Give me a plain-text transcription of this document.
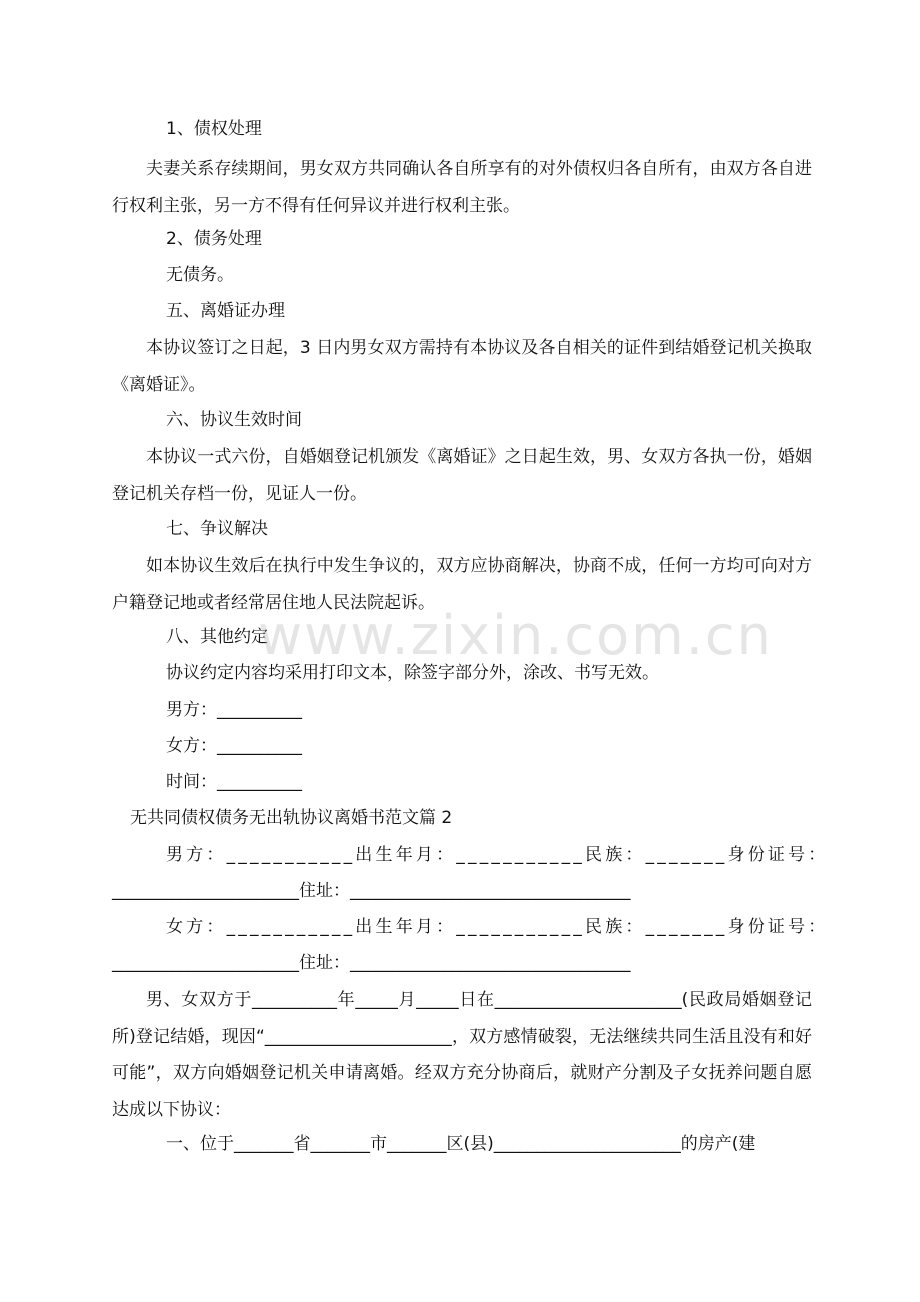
1、债权处理
夫妻关系存续期间，男女双方共同确认各自所享有的对外债权归各自所有，由双方各自进行权利主张，另一方不得有任何异议并进行权利主张。
2、债务处理
无债务。
五、离婚证办理
本协议签订之日起，3 日内男女双方需持有本协议及各自相关的证件到结婚登记机关换取《离婚证》。
六、协议生效时间
本协议一式六份，自婚姻登记机颁发《离婚证》之日起生效，男、女双方各执一份，婚姻登记机关存档一份，见证人一份。
七、争议解决
如本协议生效后在执行中发生争议的，双方应协商解决，协商不成，任何一方均可向对方户籍登记地或者经常居住地人民法院起诉。
八、其他约定
协议约定内容均采用打印文本，除签字部分外，涂改、书写无效。
男方：__________
女方：__________
时间：__________
无共同债权债务无出轨协议离婚书范文篇 2
男方：___________出生年月：___________民族：_______身份证号：
______________________住址：_________________________________
女方：___________出生年月：___________民族：_______身份证号：
______________________住址：_________________________________
男、女双方于__________年_____月_____日在______________________(民政局婚姻登记所)登记结婚，现因“______________________，双方感情破裂，无法继续共同生活且没有和好可能”，双方向婚姻登记机关申请离婚。经双方充分协商后，就财产分割及子女抚养问题自愿达成以下协议：
一、位于_______省_______市_______区(县)______________________的房产(建
www.zixin.com.cn
